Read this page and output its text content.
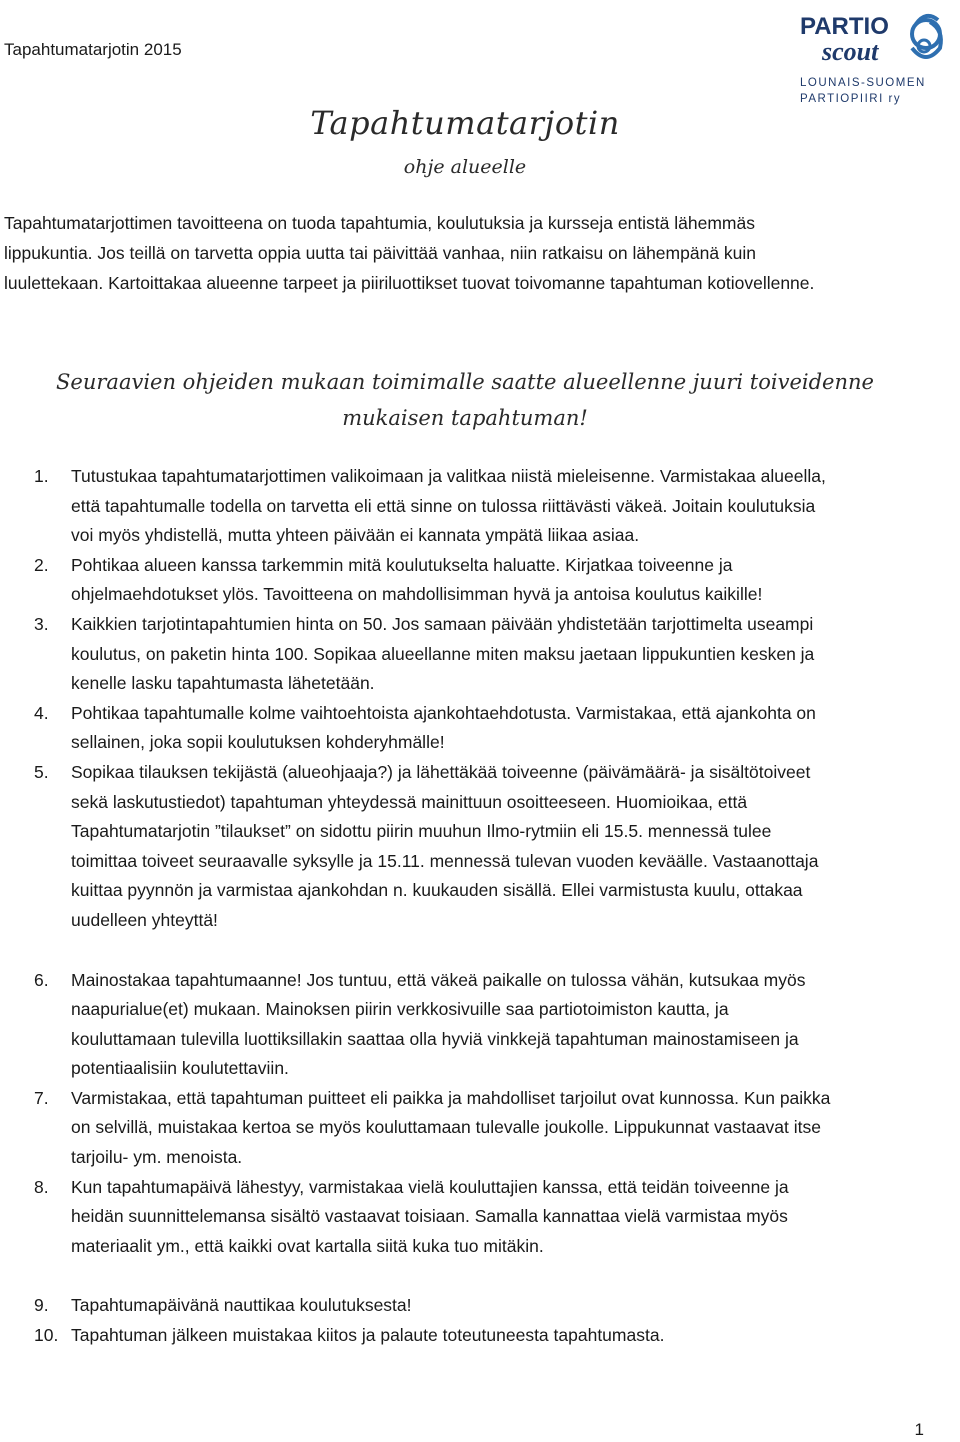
Tapahtumatarjotin 2015
PARTIO
scout
LOUNAIS-SUOMEN
PARTIOPIIRI ry
Tapahtumatarjotin
ohje alueelle

Tapahtumatarjottimen tavoitteena on tuoda tapahtumia, koulutuksia ja kursseja entistä lähemmäs
lippukuntia. Jos teillä on tarvetta oppia uutta tai päivittää vanhaa, niin ratkaisu on lähempänä kuin
luulettekaan. Kartoittakaa alueenne tarpeet ja piiriluottikset tuovat toivomanne tapahtuman kotiovellenne.

Seuraavien ohjeiden mukaan toimimalle saatte alueellenne juuri toiveidenne
mukaisen tapahtuman!

1. Tutustukaa tapahtumatarjottimen valikoimaan ja valitkaa niistä mieleisenne. Varmistakaa alueella,
että tapahtumalle todella on tarvetta eli että sinne on tulossa riittävästi väkeä. Joitain koulutuksia
voi myös yhdistellä, mutta yhteen päivään ei kannata ympätä liikaa asiaa.
2. Pohtikaa alueen kanssa tarkemmin mitä koulutukselta haluatte. Kirjatkaa toiveenne ja
ohjelmaehdotukset ylös. Tavoitteena on mahdollisimman hyvä ja antoisa koulutus kaikille!
3. Kaikkien tarjotintapahtumien hinta on 50. Jos samaan päivään yhdistetään tarjottimelta useampi
koulutus, on paketin hinta 100. Sopikaa alueellanne miten maksu jaetaan lippukuntien kesken ja
kenelle lasku tapahtumasta lähetetään.
4. Pohtikaa tapahtumalle kolme vaihtoehtoista ajankohtaehdotusta. Varmistakaa, että ajankohta on
sellainen, joka sopii koulutuksen kohderyhmälle!
5. Sopikaa tilauksen tekijästä (alueohjaaja?) ja lähettäkää toiveenne (päivämäärä- ja sisältötoiveet
sekä laskutustiedot) tapahtuman yhteydessä mainittuun osoitteeseen. Huomioikaa, että
Tapahtumatarjotin ”tilaukset” on sidottu piirin muuhun Ilmo-rytmiin eli 15.5. mennessä tulee
toimittaa toiveet seuraavalle syksylle ja 15.11. mennessä tulevan vuoden keväälle. Vastaanottaja
kuittaa pyynnön ja varmistaa ajankohdan n. kuukauden sisällä. Ellei varmistusta kuulu, ottakaa
uudelleen yhteyttä!
6. Mainostakaa tapahtumaanne! Jos tuntuu, että väkeä paikalle on tulossa vähän, kutsukaa myös
naapurialue(et) mukaan. Mainoksen piirin verkkosivuille saa partiotoimiston kautta, ja
kouluttamaan tulevilla luottiksillakin saattaa olla hyviä vinkkejä tapahtuman mainostamiseen ja
potentiaalisiin koulutettaviin.
7. Varmistakaa, että tapahtuman puitteet eli paikka ja mahdolliset tarjoilut ovat kunnossa. Kun paikka
on selvillä, muistakaa kertoa se myös kouluttamaan tulevalle joukolle. Lippukunnat vastaavat itse
tarjoilu- ym. menoista.
8. Kun tapahtumapäivä lähestyy, varmistakaa vielä kouluttajien kanssa, että teidän toiveenne ja
heidän suunnittelemansa sisältö vastaavat toisiaan. Samalla kannattaa vielä varmistaa myös
materiaalit ym., että kaikki ovat kartalla siitä kuka tuo mitäkin.
9. Tapahtumapäivänä nauttikaa koulutuksesta!
10. Tapahtuman jälkeen muistakaa kiitos ja palaute toteutuneesta tapahtumasta.
1
